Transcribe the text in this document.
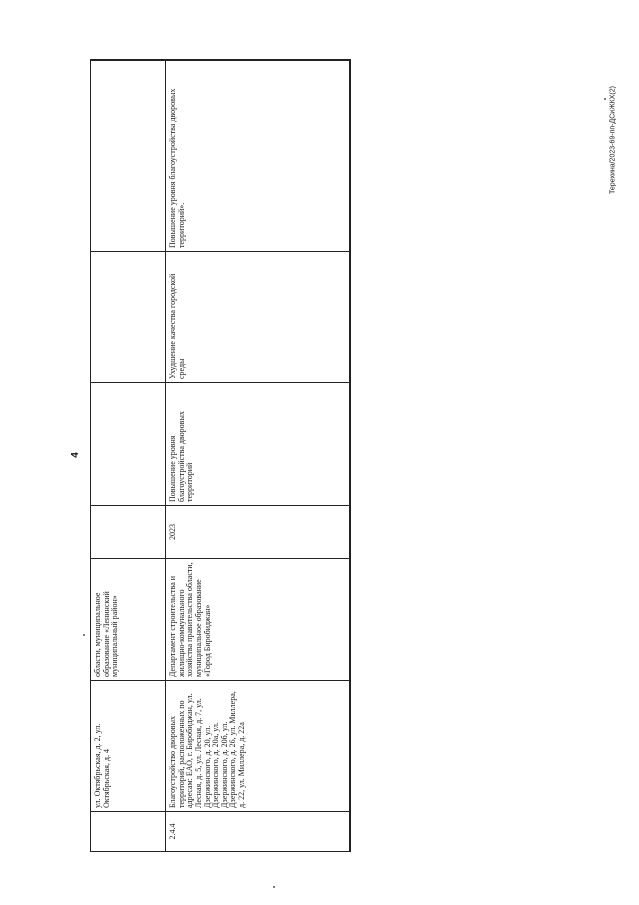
4
Терехина/2023-69-пп-ДСиЖКХ(2)
	ул. Октябрьская, д. 2, ул. Октябрьская, д. 4	области, муниципальное образование «Ленинский муниципальный район»				
2.4.4	Благоустройство дворовых территорий, расположенных по адресам: ЕАО, г. Биробиджан, ул. Лесная, д. 5, ул. Лесная, д. 7, ул. Дзержинского, д. 20, ул. Дзержинского, д. 20а, ул. Дзержинского, д. 20б, ул. Дзержинского, д. 26, ул. Миллера, д. 22, ул. Миллера, д. 22а	Департамент строительства и жилищно-коммунального хозяйства правительства области, муниципальное образование «Город Биробиджан»	2023	Повышение уровня благоустройства дворовых территорий	Ухудшение качества городской среды	Повышение уровня благоустройства дворовых территорий».
